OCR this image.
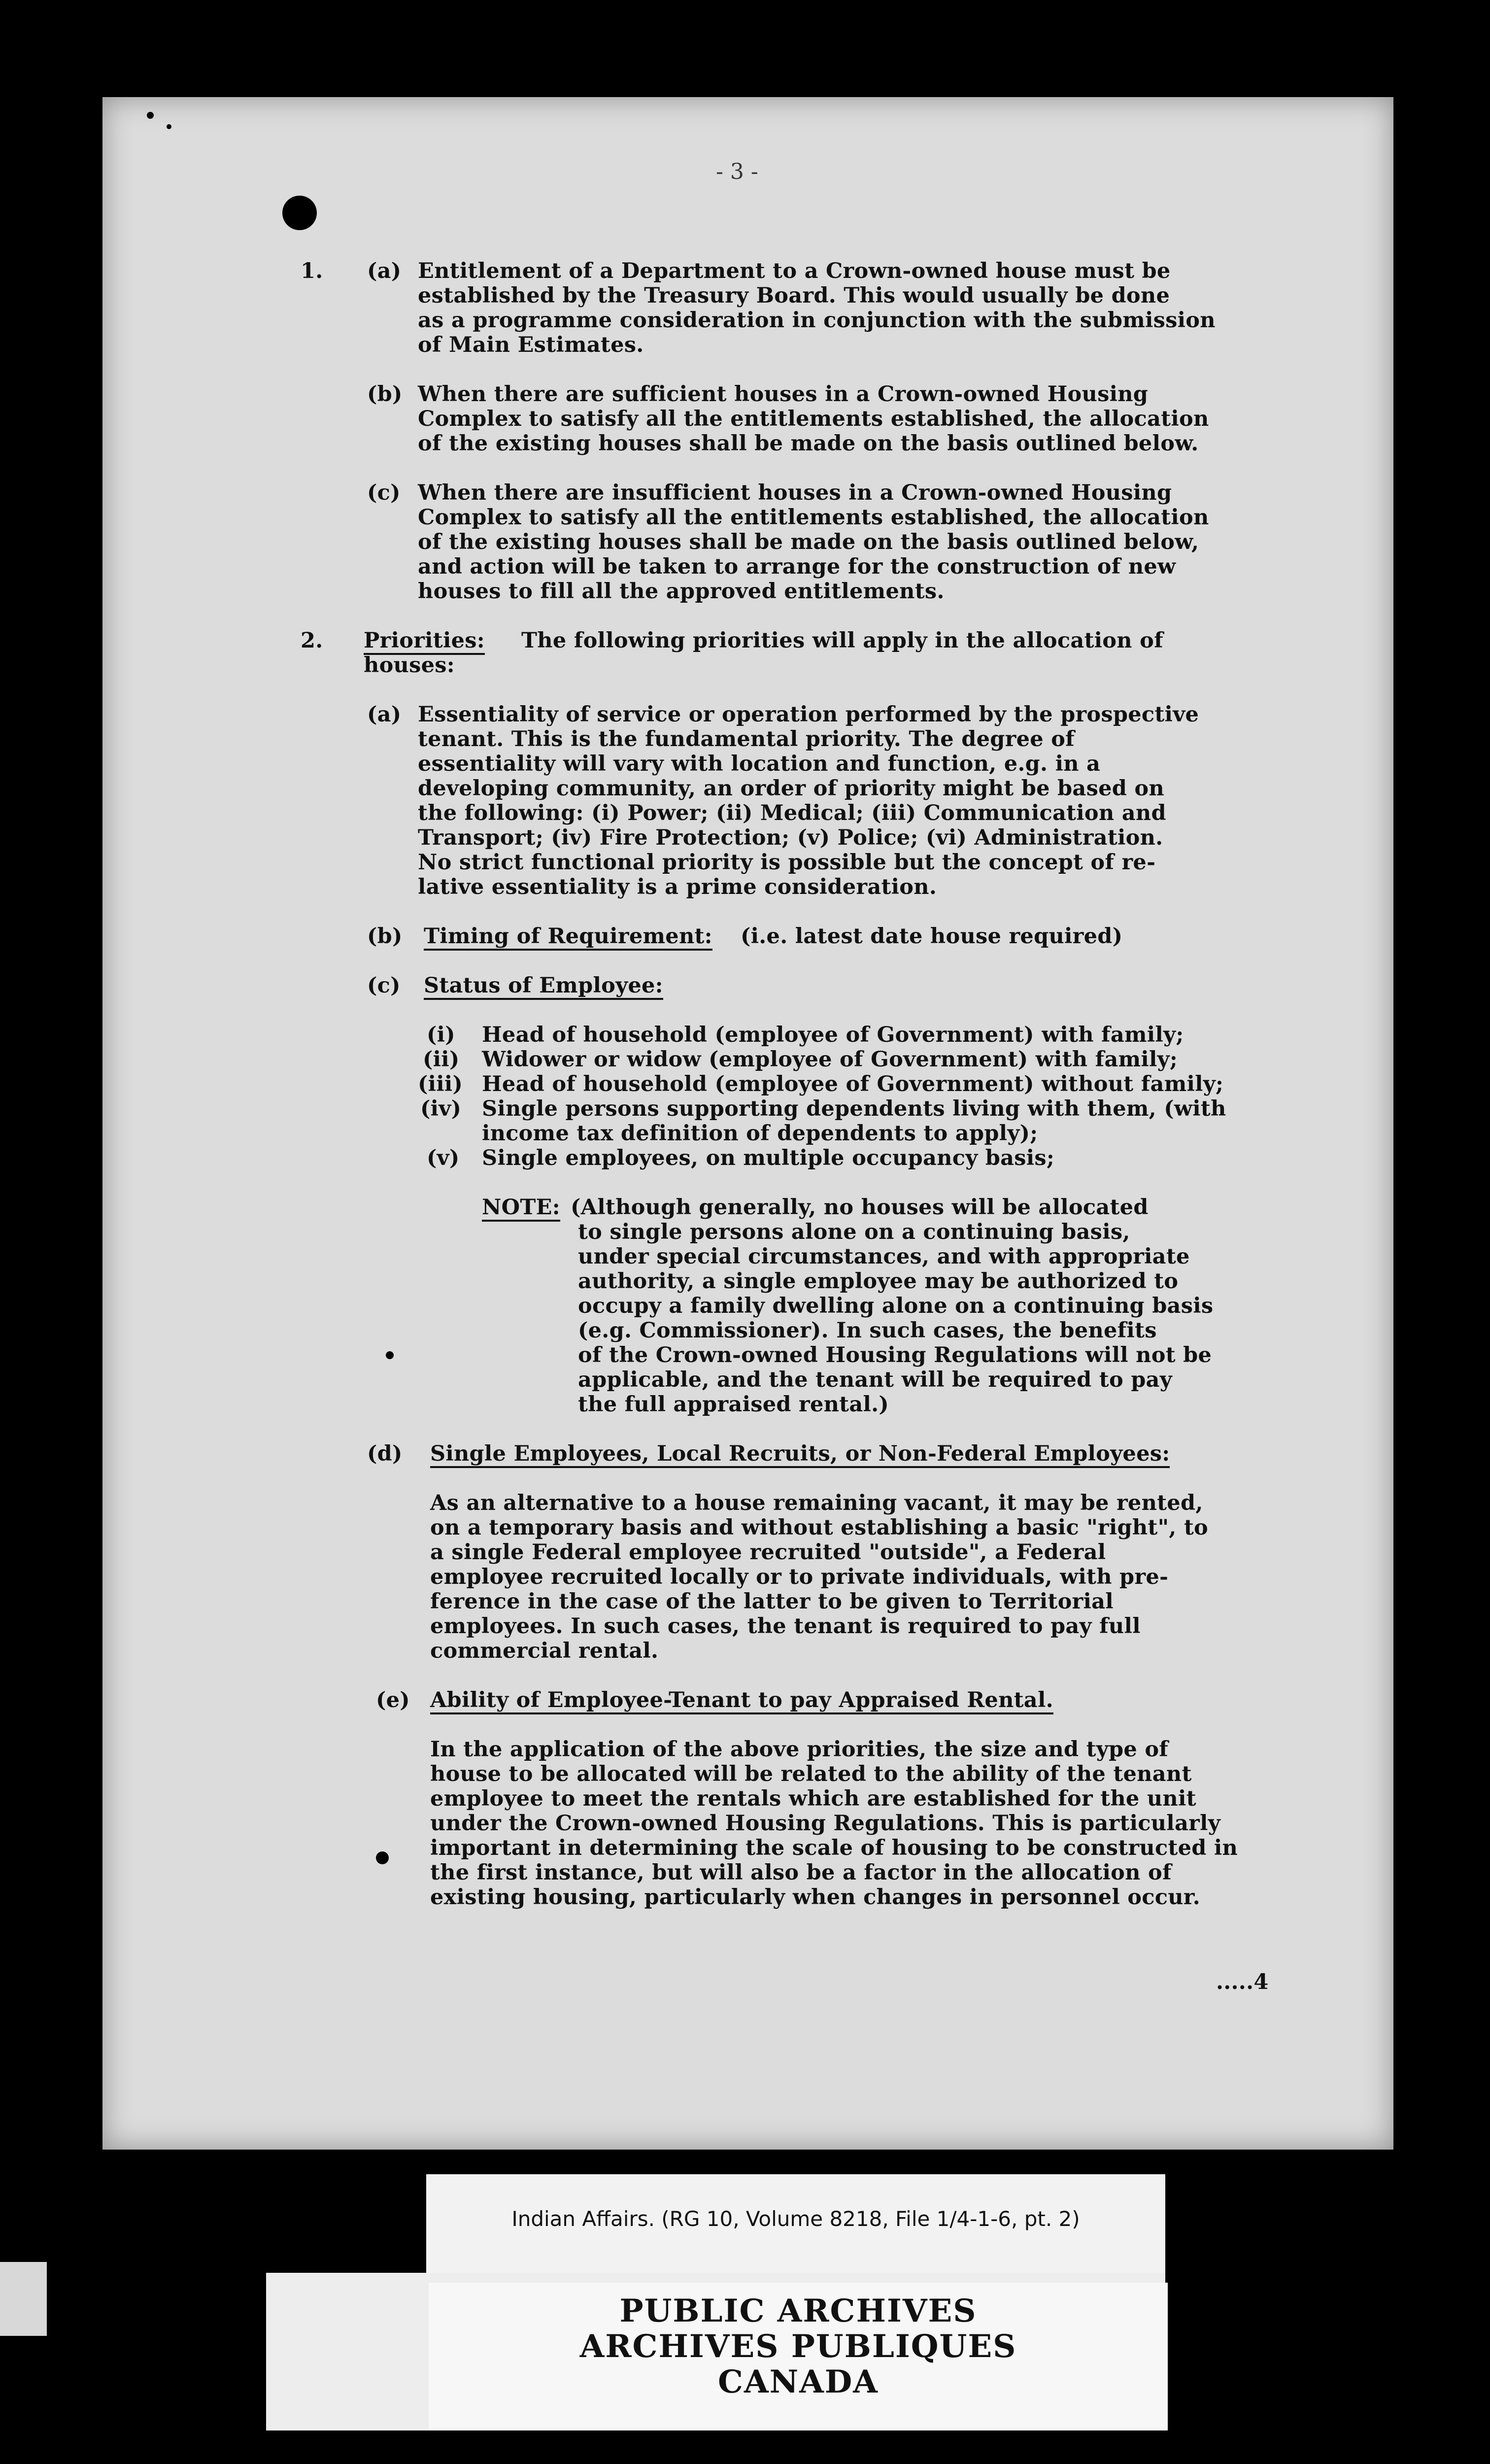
- 3 -
1. (a) Entitlement of a Department to a Crown-owned house must be
established by the Treasury Board. This would usually be done
as a programme consideration in conjunction with the submission
of Main Estimates.
(b) When there are sufficient houses in a Crown-owned Housing
Complex to satisfy all the entitlements established, the allocation
of the existing houses shall be made on the basis outlined below.
(c) When there are insufficient houses in a Crown-owned Housing
Complex to satisfy all the entitlements established, the allocation
of the existing houses shall be made on the basis outlined below,
and action will be taken to arrange for the construction of new
houses to fill all the approved entitlements.
2. Priorities: The following priorities will apply in the allocation of
houses:
(a) Essentiality of service or operation performed by the prospective
tenant. This is the fundamental priority. The degree of
essentiality will vary with location and function, e.g. in a
developing community, an order of priority might be based on
the following: (i) Power; (ii) Medical; (iii) Communication and
Transport; (iv) Fire Protection; (v) Police; (vi) Administration.
No strict functional priority is possible but the concept of re-
lative essentiality is a prime consideration.
(b) Timing of Requirement: (i.e. latest date house required)
(c) Status of Employee:
(i) Head of household (employee of Government) with family;
(ii) Widower or widow (employee of Government) with family;
(iii) Head of household (employee of Government) without family;
(iv) Single persons supporting dependents living with them, (with
income tax definition of dependents to apply);
(v) Single employees, on multiple occupancy basis;
NOTE: (Although generally, no houses will be allocated
to single persons alone on a continuing basis,
under special circumstances, and with appropriate
authority, a single employee may be authorized to
occupy a family dwelling alone on a continuing basis
(e.g. Commissioner). In such cases, the benefits
of the Crown-owned Housing Regulations will not be
applicable, and the tenant will be required to pay
the full appraised rental.)
(d) Single Employees, Local Recruits, or Non-Federal Employees:
As an alternative to a house remaining vacant, it may be rented,
on a temporary basis and without establishing a basic "right", to
a single Federal employee recruited "outside", a Federal
employee recruited locally or to private individuals, with pre-
ference in the case of the latter to be given to Territorial
employees. In such cases, the tenant is required to pay full
commercial rental.
(e) Ability of Employee-Tenant to pay Appraised Rental.
In the application of the above priorities, the size and type of
house to be allocated will be related to the ability of the tenant
employee to meet the rentals which are established for the unit
under the Crown-owned Housing Regulations. This is particularly
important in determining the scale of housing to be constructed in
the first instance, but will also be a factor in the allocation of
existing housing, particularly when changes in personnel occur.
.....4
Indian Affairs. (RG 10, Volume 8218, File 1/4-1-6, pt. 2)
PUBLIC ARCHIVES
ARCHIVES PUBLIQUES
CANADA
